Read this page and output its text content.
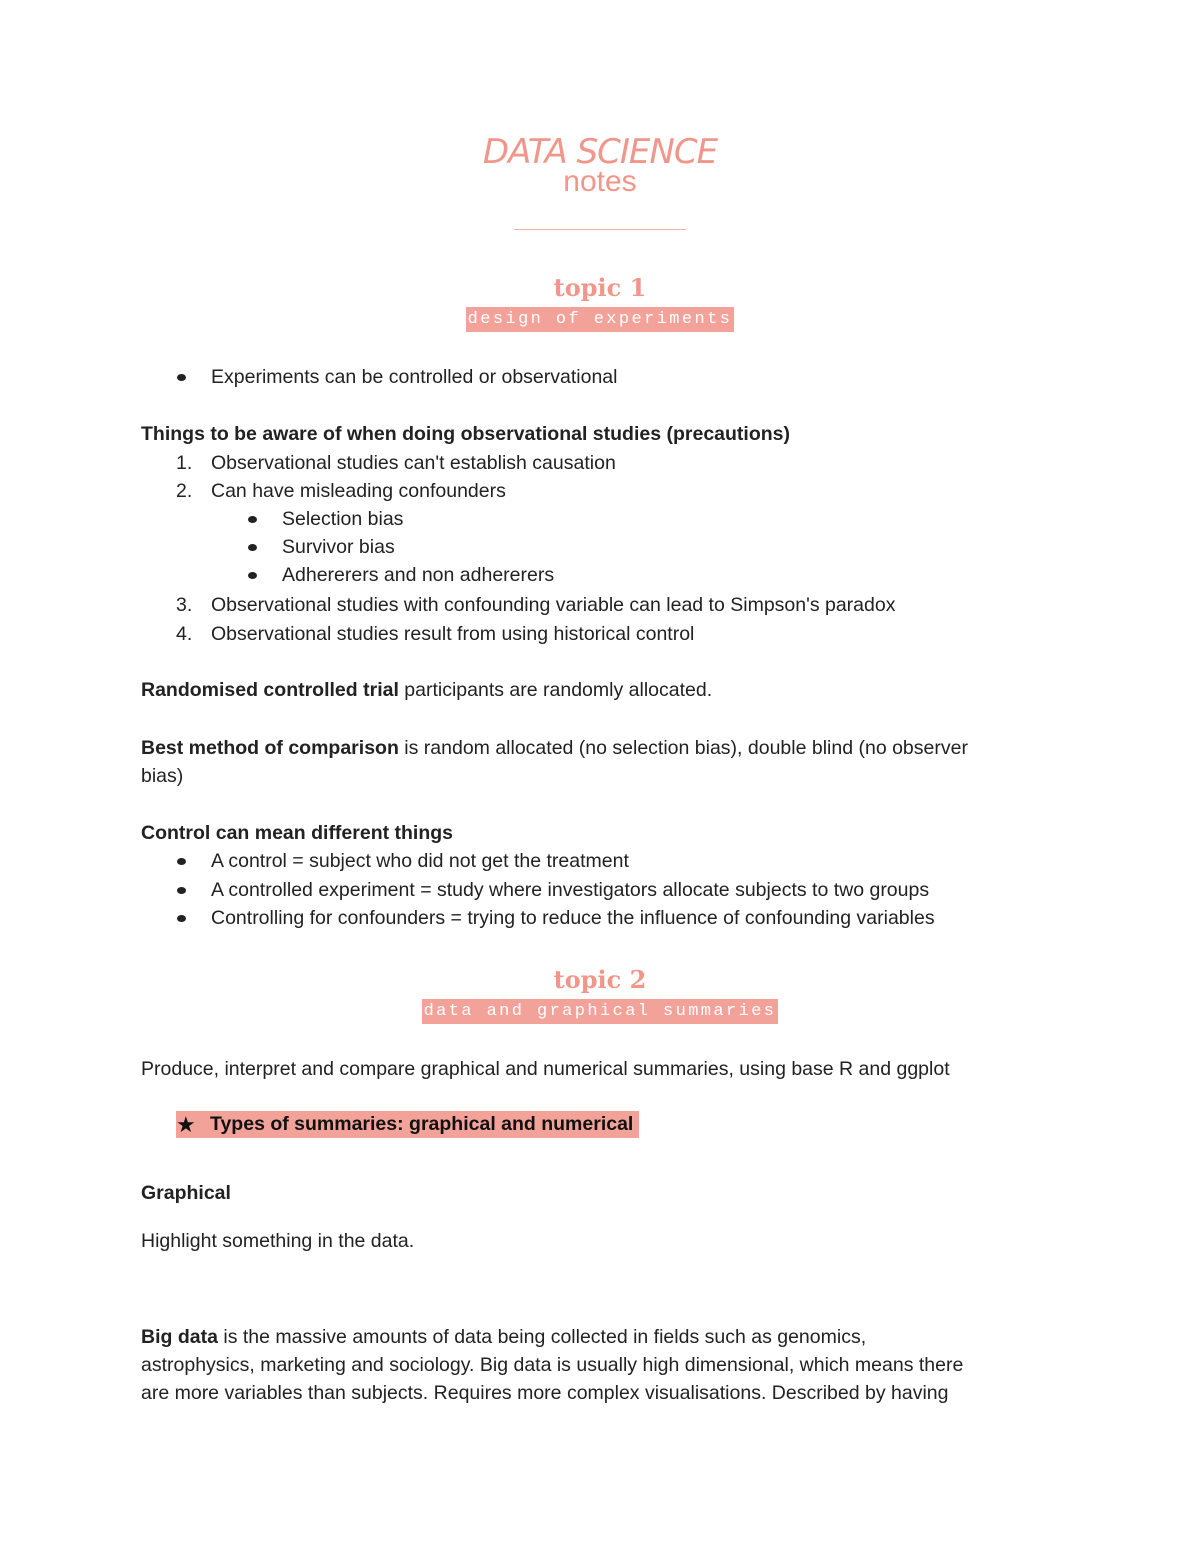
DATA SCIENCE
notes
topic 1
design of experiments
Experiments can be controlled or observational
Things to be aware of when doing observational studies (precautions)
1. Observational studies can't establish causation
2. Can have misleading confounders
Selection bias
Survivor bias
Adhererers and non adhererers
3. Observational studies with confounding variable can lead to Simpson's paradox
4. Observational studies result from using historical control
Randomised controlled trial participants are randomly allocated.
Best method of comparison is random allocated (no selection bias), double blind (no observer
bias)
Control can mean different things
A control = subject who did not get the treatment
A controlled experiment = study where investigators allocate subjects to two groups
Controlling for confounders = trying to reduce the influence of confounding variables
topic 2
data and graphical summaries
Produce, interpret and compare graphical and numerical summaries, using base R and ggplot
★ Types of summaries: graphical and numerical
Graphical
Highlight something in the data.
Big data is the massive amounts of data being collected in fields such as genomics,
astrophysics, marketing and sociology. Big data is usually high dimensional, which means there
are more variables than subjects. Requires more complex visualisations. Described by having
